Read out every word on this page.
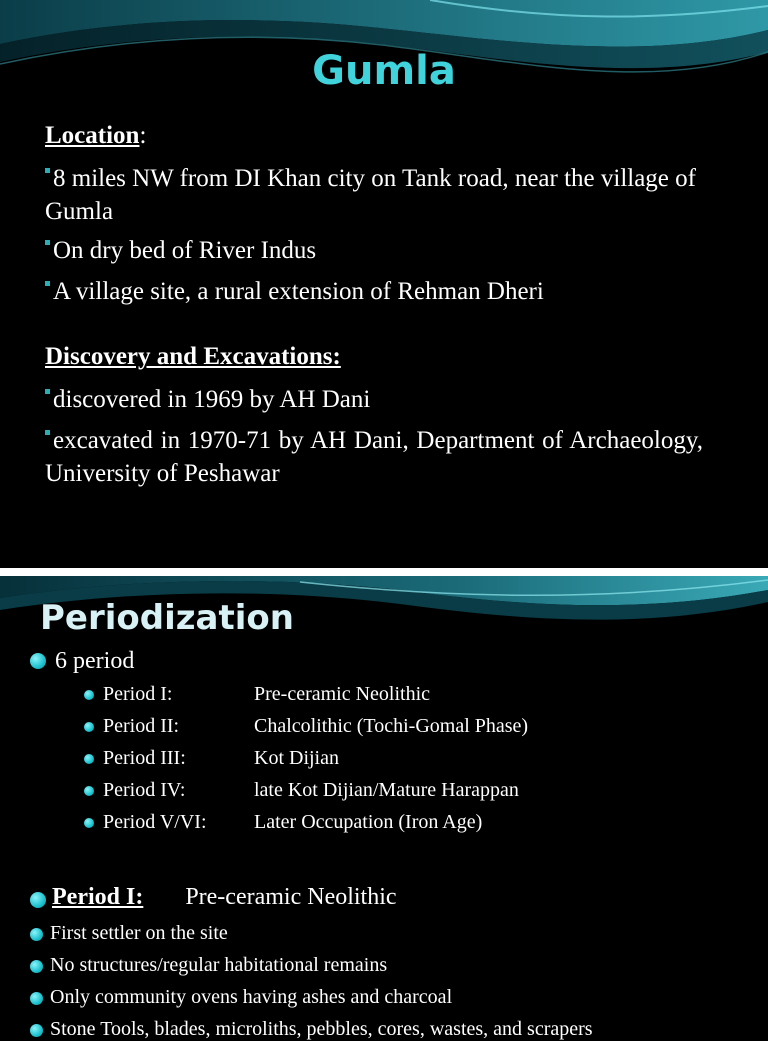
Gumla
Location:

8 miles NW from DI Khan city on Tank road, near the village of Gumla

On dry bed of River Indus

A village site, a rural extension of Rehman Dheri

Discovery and Excavations:

discovered in 1969 by AH Dani

excavated in 1970-71 by AH Dani, Department of Archaeology, University of Peshawar

Periodization
6 period
Period I:	Pre-ceramic Neolithic
Period II:	Chalcolithic (Tochi-Gomal Phase)
Period III:	Kot Dijian
Period IV:	late Kot Dijian/Mature Harappan
Period V/VI: Later Occupation (Iron Age)
Period I: Pre-ceramic Neolithic
First settler on the site
No structures/regular habitational remains
Only community ovens having ashes and charcoal
Stone Tools, blades, microliths, pebbles, cores, wastes, and scrapers
